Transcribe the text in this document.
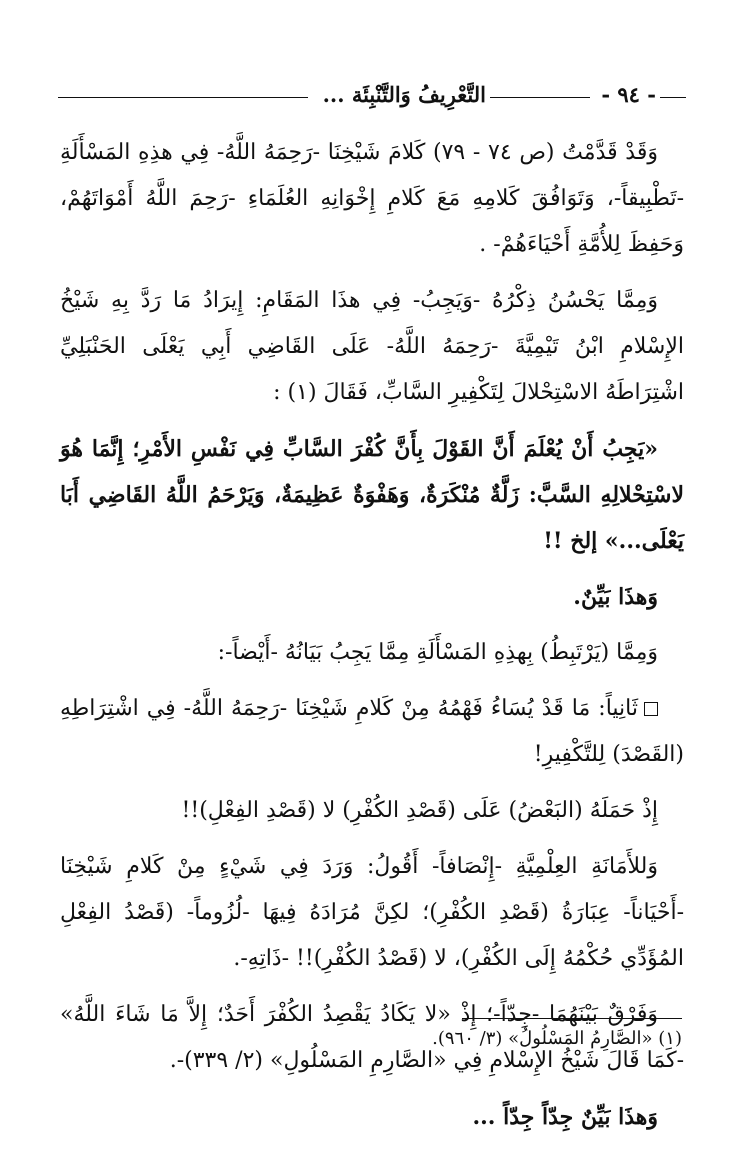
- ٩٤ -
التَّعْرِيفُ وَالتَّنْبِئَة ...

وَقَدْ قَدَّمْتُ (ص ٧٤ - ٧٩) كَلامَ شَيْخِنَا -رَحِمَهُ اللَّهُ- فِي هذِهِ المَسْأَلَةِ -تَطْبِيقاً-، وَتَوَافُقَ كَلامِهِ مَعَ كَلامِ إِخْوَانِهِ العُلَمَاءِ -رَحِمَ اللَّهُ أَمْوَاتَهُمْ، وَحَفِظَ لِلأُمَّةِ أَحْيَاءَهُمْ- .

وَمِمَّا يَحْسُنُ ذِكْرُهُ -وَيَجِبُ- فِي هذَا المَقَامِ: إِيرَادُ مَا رَدَّ بِهِ شَيْخُ الإِسْلامِ ابْنُ تَيْمِيَّةَ -رَحِمَهُ اللَّهُ- عَلَى القَاضِي أَبِي يَعْلَى الحَنْبَلِيِّ اشْتِرَاطَهُ الاسْتِحْلالَ لِتَكْفِيرِ السَّابِّ، فَقَالَ (١) :

«يَجِبُ أَنْ يُعْلَمَ أَنَّ القَوْلَ بِأَنَّ كُفْرَ السَّابِّ فِي نَفْسِ الأَمْرِ؛ إِنَّمَا هُوَ لاسْتِحْلالِهِ السَّبَّ: زَلَّةٌ مُنْكَرَةٌ، وَهَفْوَةٌ عَظِيمَةٌ، وَيَرْحَمُ اللَّهُ القَاضِي أَبَا يَعْلَى...» إلخ !!

وَهذَا بَيِّنٌ.

وَمِمَّا (يَرْتَبِطُ) بِهذِهِ المَسْأَلَةِ مِمَّا يَجِبُ بَيَانُهُ -أَيْضاً-:

ثَانِياً: مَا قَدْ يُسَاءُ فَهْمُهُ مِنْ كَلامِ شَيْخِنَا -رَحِمَهُ اللَّهُ- فِي اشْتِرَاطِهِ (القَصْدَ) لِلتَّكْفِيرِ!

إِذْ حَمَلَهُ (البَعْضُ) عَلَى (قَصْدِ الكُفْرِ) لا (قَصْدِ الفِعْلِ)!!

وَللأَمَانَةِ العِلْمِيَّةِ -إِنْصَافاً- أَقُولُ: وَرَدَ فِي شَيْءٍ مِنْ كَلامِ شَيْخِنَا -أَحْيَاناً- عِبَارَةُ (قَصْدِ الكُفْرِ)؛ لكِنَّ مُرَادَهُ فِيهَا -لُزُوماً- (قَصْدُ الفِعْلِ المُؤَدِّي حُكْمُهُ إِلَى الكُفْرِ)، لا (قَصْدُ الكُفْرِ)!! -ذَاتِهِ-.

وَفَرْقٌ بَيْنَهُمَا -جِدّاً-؛ إِذْ «لا يَكَادُ يَقْصِدُ الكُفْرَ أَحَدٌ؛ إِلاَّ مَا شَاءَ اللَّهُ» -كَمَا قَالَ شَيْخُ الإِسْلامِ فِي «الصَّارِمِ المَسْلُولِ» (٢/ ٣٣٩)-.

وَهذَا بَيِّنٌ جِدّاً جِدّاً ...

(١) «الصَّارِمُ المَسْلُولُ» (٣/ ٩٦٠).
